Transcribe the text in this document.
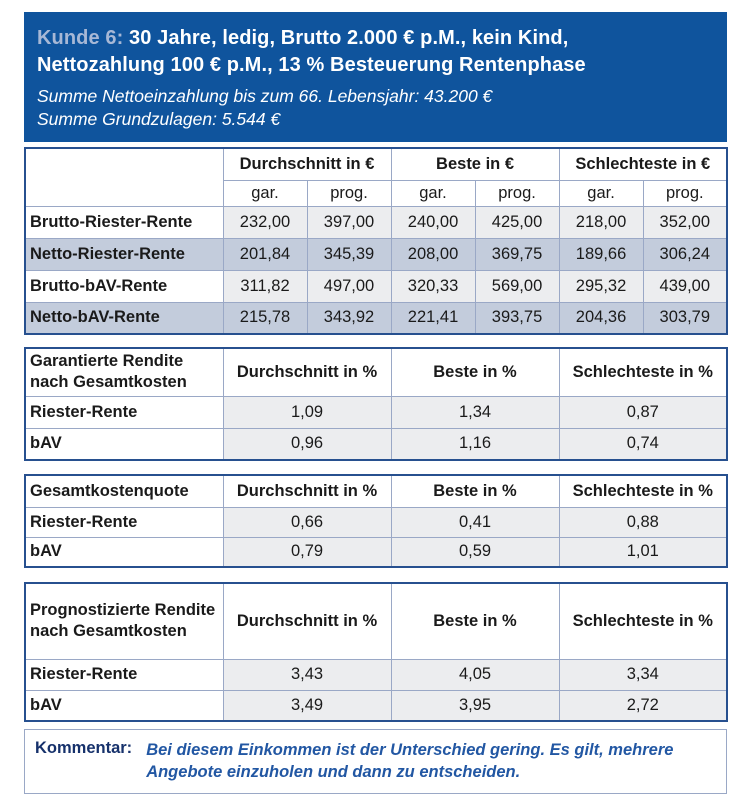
Kunde 6: 30 Jahre, ledig, Brutto 2.000 € p.M., kein Kind,
Nettozahlung 100 € p.M., 13 % Besteuerung Rentenphase
Summe Nettoeinzahlung bis zum 66. Lebensjahr: 43.200 €
Summe Grundzulagen: 5.544 €
	Durchschnitt in €		Beste in €		Schlechteste in €	
	gar.	prog.	gar.	prog.	gar.	prog.
Brutto-Riester-Rente	232,00	397,00	240,00	425,00	218,00	352,00
Netto-Riester-Rente	201,84	345,39	208,00	369,75	189,66	306,24
Brutto-bAV-Rente	311,82	497,00	320,33	569,00	295,32	439,00
Netto-bAV-Rente	215,78	343,92	221,41	393,75	204,36	303,79
Garantierte Rendite nach Gesamtkosten	Durchschnitt in %	Beste in %	Schlechteste in %
Riester-Rente	1,09	1,34	0,87
bAV	0,96	1,16	0,74
Gesamtkostenquote	Durchschnitt in %	Beste in %	Schlechteste in %
Riester-Rente	0,66	0,41	0,88
bAV	0,79	0,59	1,01
Prognostizierte Rendite nach Gesamtkosten	Durchschnitt in %	Beste in %	Schlechteste in %
Riester-Rente	3,43	4,05	3,34
bAV	3,49	3,95	2,72
Kommentar: Bei diesem Einkommen ist der Unterschied gering. Es gilt, mehrere Angebote einzuholen und dann zu entscheiden.
